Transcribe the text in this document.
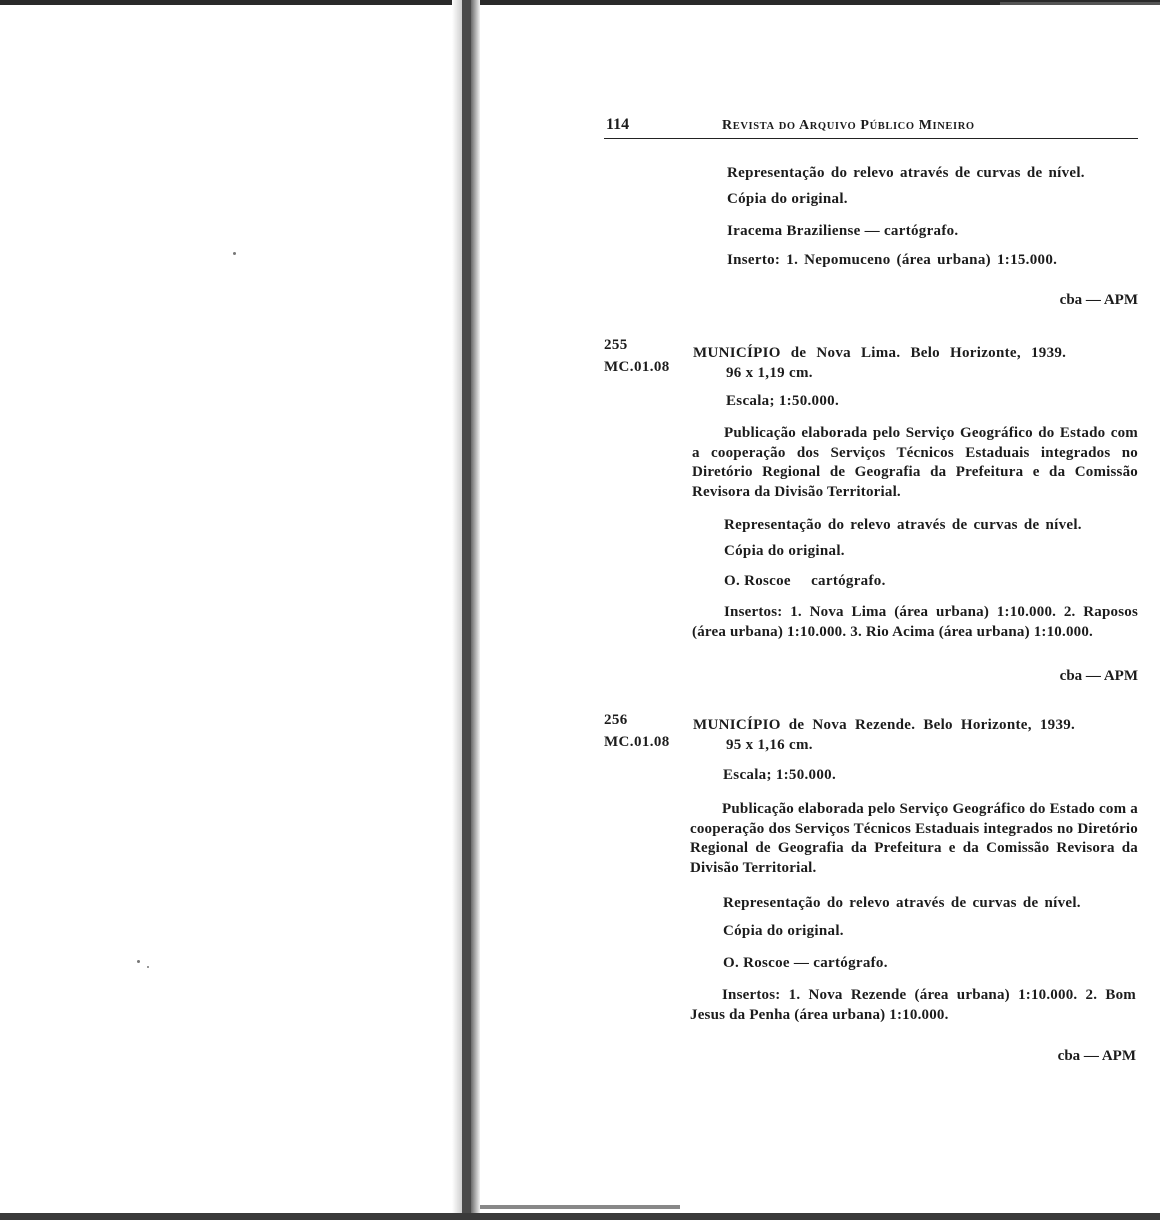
114	REVISTA DO ARQUIVO PÚBLICO MINEIRO
Representação do relevo através de curvas de nível.
Cópia do original.
Iracema Braziliense — cartógrafo.
Inserto: 1. Nepomuceno (área urbana) 1:15.000.
cba — APM
255
MC.01.08
MUNICÍPIO de Nova Lima. Belo Horizonte, 1939.
96 x 1,19 cm.
Escala; 1:50.000.
Publicação elaborada pelo Serviço Geográfico do Estado com a cooperação dos Serviços Técnicos Estaduais integrados no Diretório Regional de Geografia da Prefeitura e da Comissão Revisora da Divisão Territorial.
Representação do relevo através de curvas de nível.
Cópia do original.
O. Roscoe     cartógrafo.
Insertos: 1. Nova Lima (área urbana) 1:10.000. 2. Raposos (área urbana) 1:10.000. 3. Rio Acima (área urbana) 1:10.000.
cba — APM
256
MC.01.08
MUNICÍPIO de Nova Rezende. Belo Horizonte, 1939.
95 x 1,16 cm.
Escala; 1:50.000.
Publicação elaborada pelo Serviço Geográfico do Estado com a cooperação dos Serviços Técnicos Estaduais integrados no Diretório Regional de Geografia da Prefeitura e da Comissão Revisora da Divisão Territorial.
Representação do relevo através de curvas de nível.
Cópia do original.
O. Roscoe — cartógrafo.
Insertos: 1. Nova Rezende (área urbana) 1:10.000. 2. Bom Jesus da Penha (área urbana) 1:10.000.
cba — APM
